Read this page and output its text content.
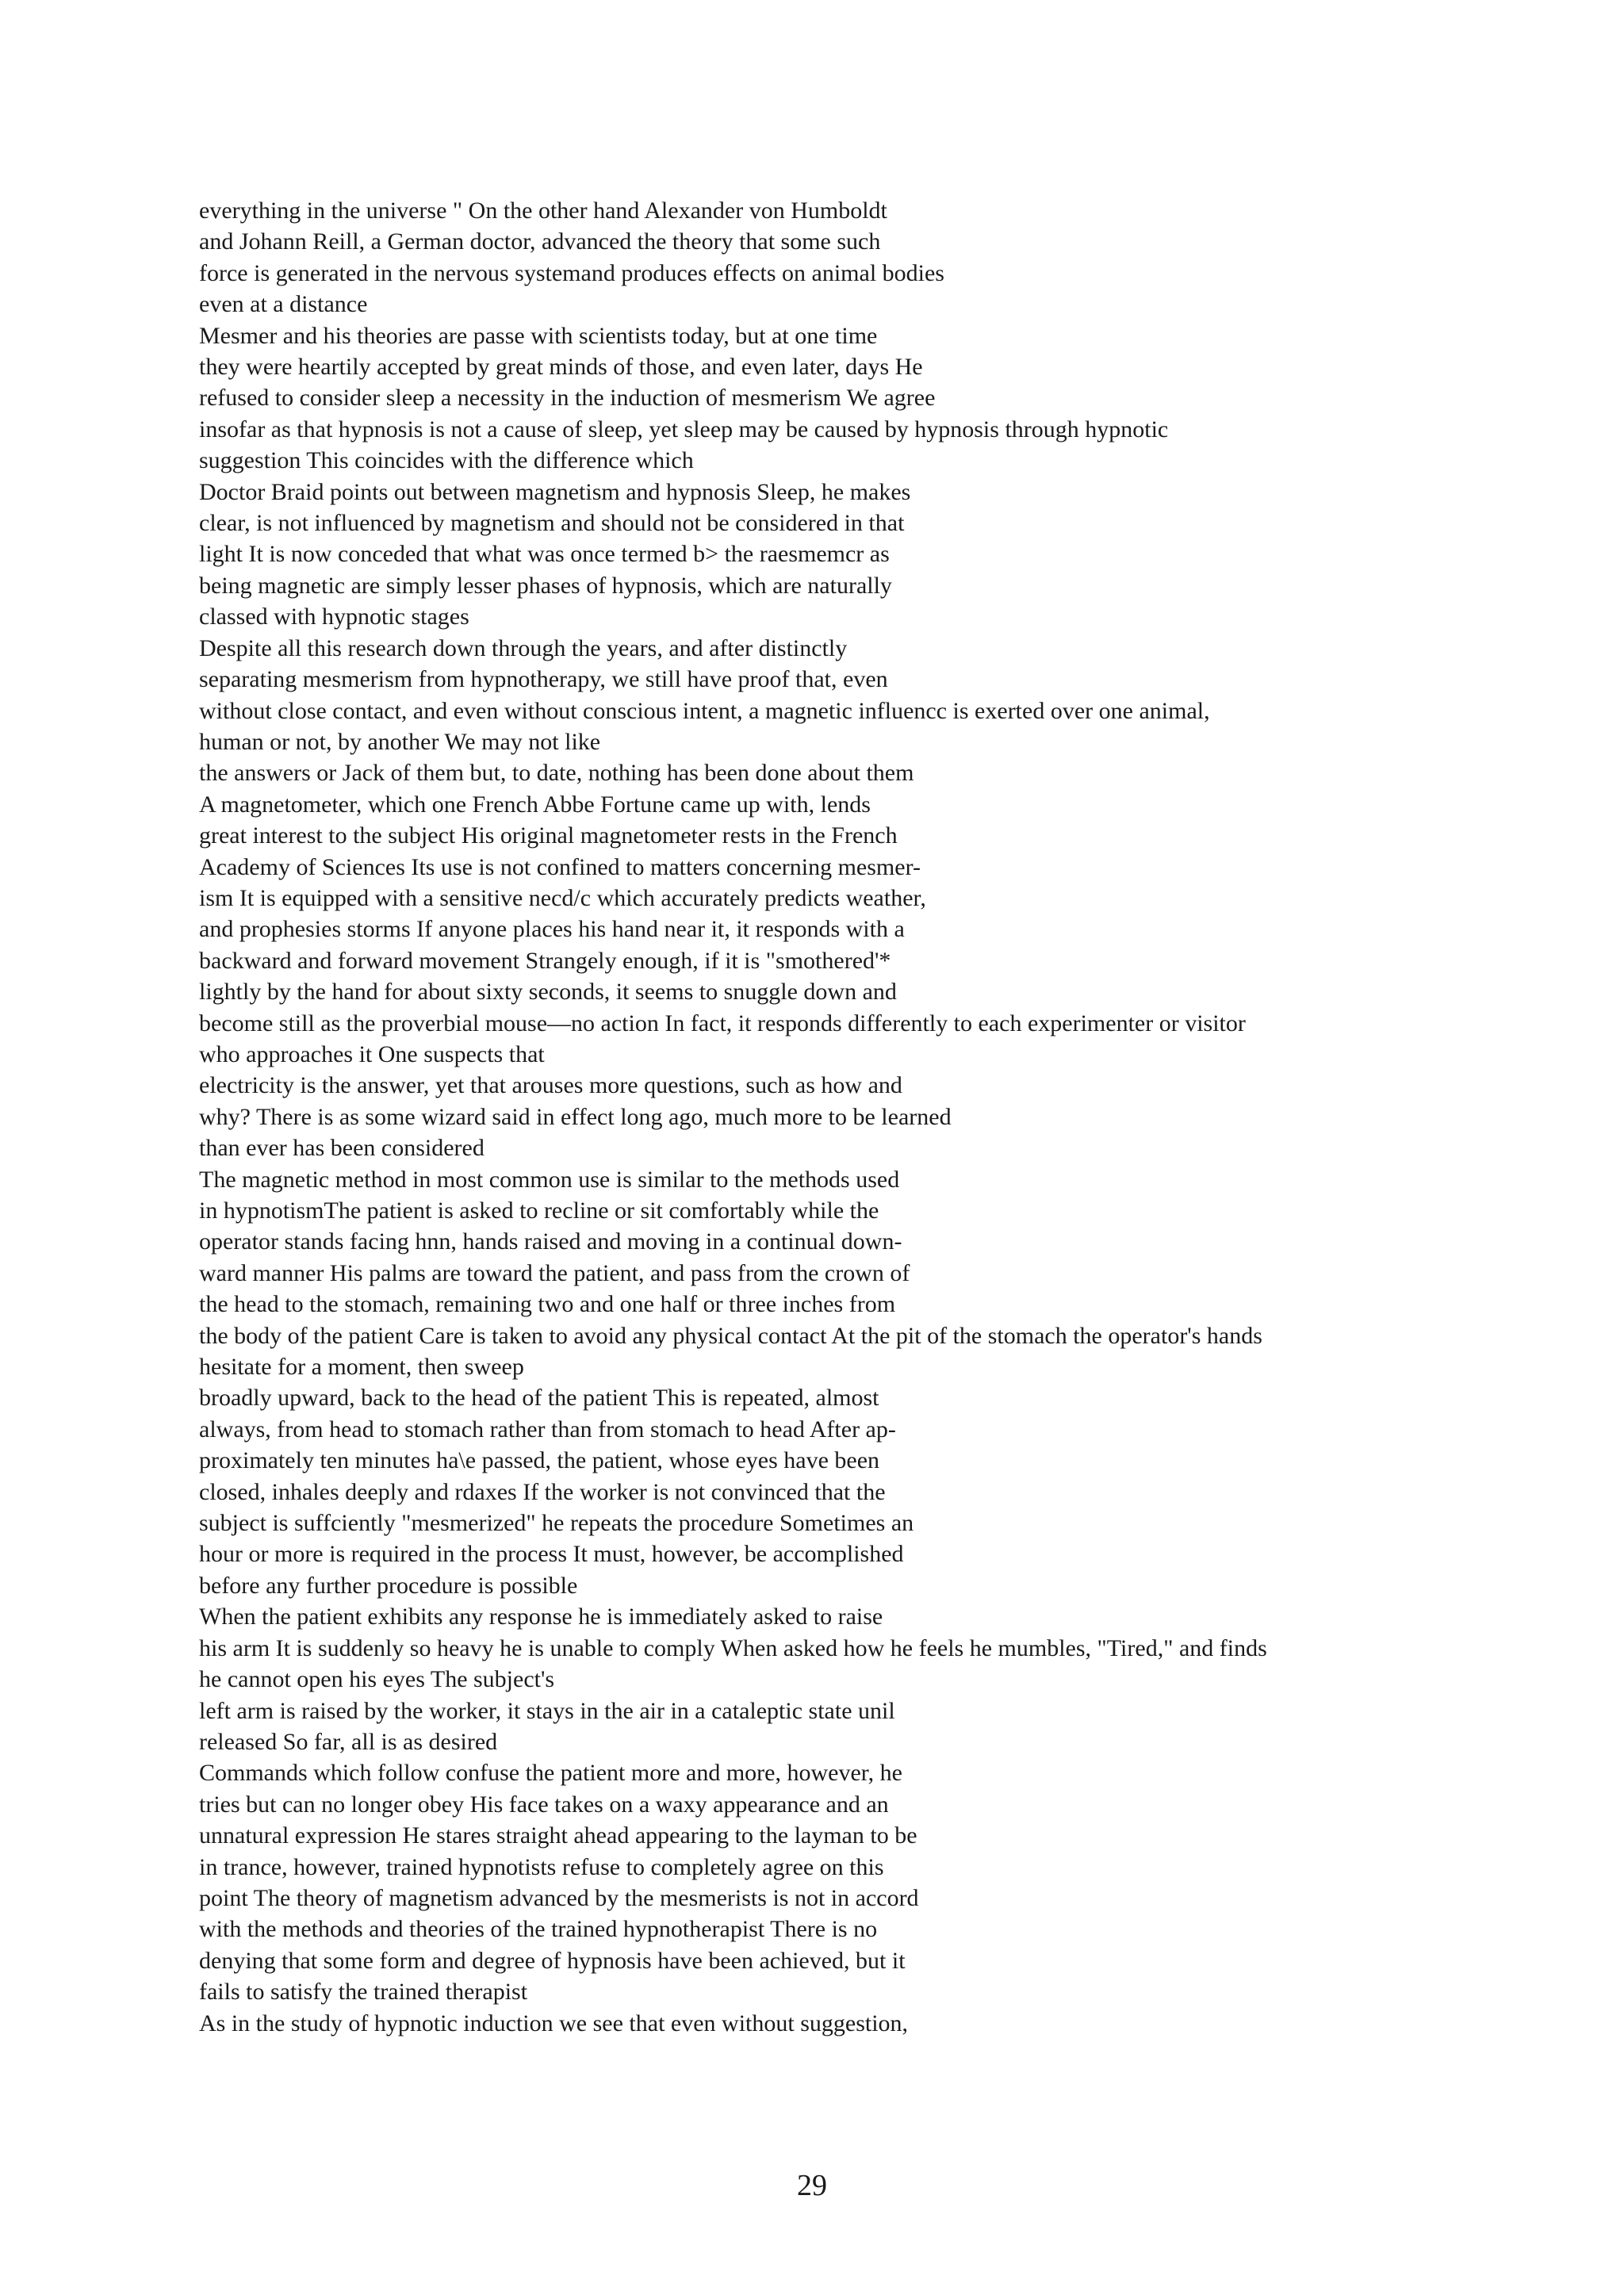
everything in the universe " On the other hand Alexander von Humboldt

and Johann Reill, a German doctor, advanced the theory that some such

force is generated in the nervous systemand produces effects on animal bodies

even at a distance

Mesmer and his theories are passe with scientists today, but at one time

they were heartily accepted by great minds of those, and even later, days He

refused to consider sleep a necessity in the induction of mesmerism We agree

insofar as that hypnosis is not a cause of sleep, yet sleep may be caused by hypnosis through hypnotic

suggestion This coincides with the difference which

Doctor Braid points out between magnetism and hypnosis Sleep, he makes

clear, is not influenced by magnetism and should not be considered in that

light It is now conceded that what was once termed b> the raesmemcr as

being magnetic are simply lesser phases of hypnosis, which are naturally

classed with hypnotic stages

Despite all this research down through the years, and after distinctly

separating mesmerism from hypnotherapy, we still have proof that, even

without close contact, and even without conscious intent, a magnetic influencc is exerted over one animal,

human or not, by another We may not like

the answers or Jack of them but, to date, nothing has been done about them

A magnetometer, which one French Abbe Fortune came up with, lends

great interest to the subject His original magnetometer rests in the French

Academy of Sciences Its use is not confined to matters concerning mesmer-

ism It is equipped with a sensitive necd/c which accurately predicts weather,

and prophesies storms If anyone places his hand near it, it responds with a

backward and forward movement Strangely enough, if it is "smothered'*

lightly by the hand for about sixty seconds, it seems to snuggle down and

become still as the proverbial mouse—no action In fact, it responds differently to each experimenter or visitor

who approaches it One suspects that

electricity is the answer, yet that arouses more questions, such as how and

why? There is as some wizard said in effect long ago, much more to be learned

than ever has been considered

The magnetic method in most common use is similar to the methods used

in hypnotismThe patient is asked to recline or sit comfortably while the

operator stands facing hnn, hands raised and moving in a continual down-

ward manner His palms are toward the patient, and pass from the crown of

the head to the stomach, remaining two and one half or three inches from

the body of the patient Care is taken to avoid any physical contact At the pit of the stomach the operator's hands

hesitate for a moment, then sweep

broadly upward, back to the head of the patient This is repeated, almost

always, from head to stomach rather than from stomach to head After ap-

proximately ten minutes ha\e passed, the patient, whose eyes have been

closed, inhales deeply and rdaxes If the worker is not convinced that the

subject is suffciently "mesmerized" he repeats the procedure Sometimes an

hour or more is required in the process It must, however, be accomplished

before any further procedure is possible

When the patient exhibits any response he is immediately asked to raise

his arm It is suddenly so heavy he is unable to comply When asked how he feels he mumbles, "Tired," and finds

he cannot open his eyes The subject's

left arm is raised by the worker, it stays in the air in a cataleptic state unil

released So far, all is as desired

Commands which follow confuse the patient more and more, however, he

tries but can no longer obey His face takes on a waxy appearance and an

unnatural expression He stares straight ahead appearing to the layman to be

in trance, however, trained hypnotists refuse to completely agree on this

point The theory of magnetism advanced by the mesmerists is not in accord

with the methods and theories of the trained hypnotherapist There is no

denying that some form and degree of hypnosis have been achieved, but it

fails to satisfy the trained therapist

As in the study of hypnotic induction we see that even without suggestion,

29
